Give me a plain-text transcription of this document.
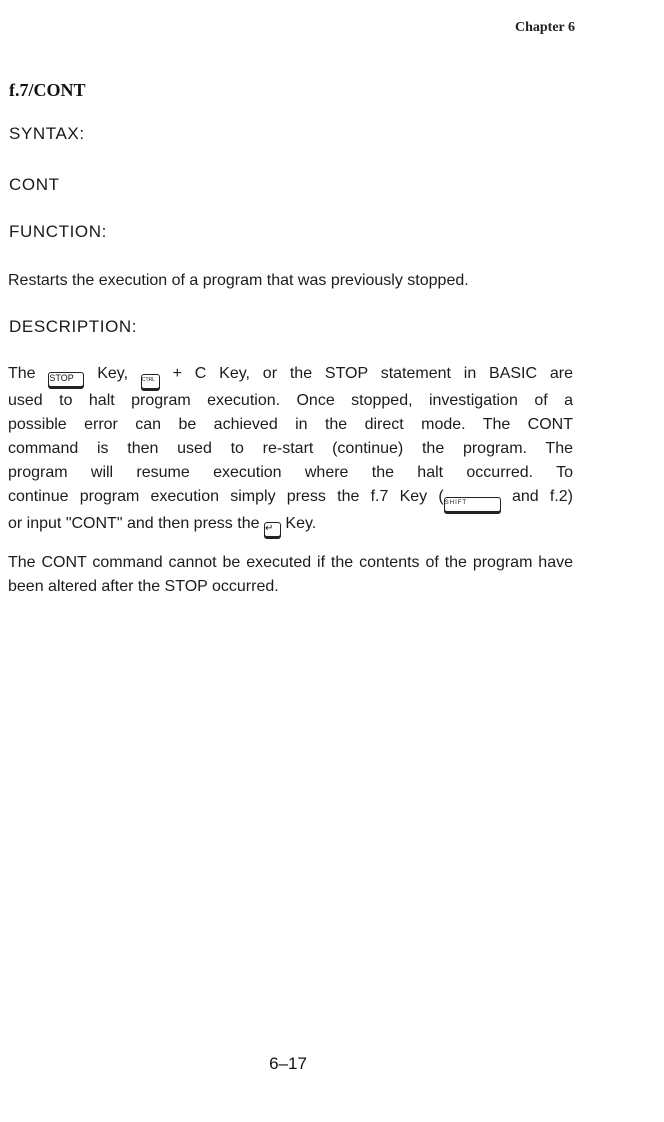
Chapter 6
f.7/CONT
SYNTAX:
CONT
FUNCTION:
Restarts the execution of a program that was previously stopped.
DESCRIPTION:
The STOP Key,	CTRL + C Key, or the STOP statement in BASIC are
used to halt program execution. Once stopped, investigation of a
possible error can be achieved in the direct mode. The CONT
command is then used to re-start (continue) the program. The
program will resume execution where the halt occurred. To
continue program execution simply press the f.7 Key (SHIFT	and f.2)
or input "CONT" and then press the ↵ Key.
The CONT command cannot be executed if the contents of the program have been altered after the STOP occurred.
6–17
